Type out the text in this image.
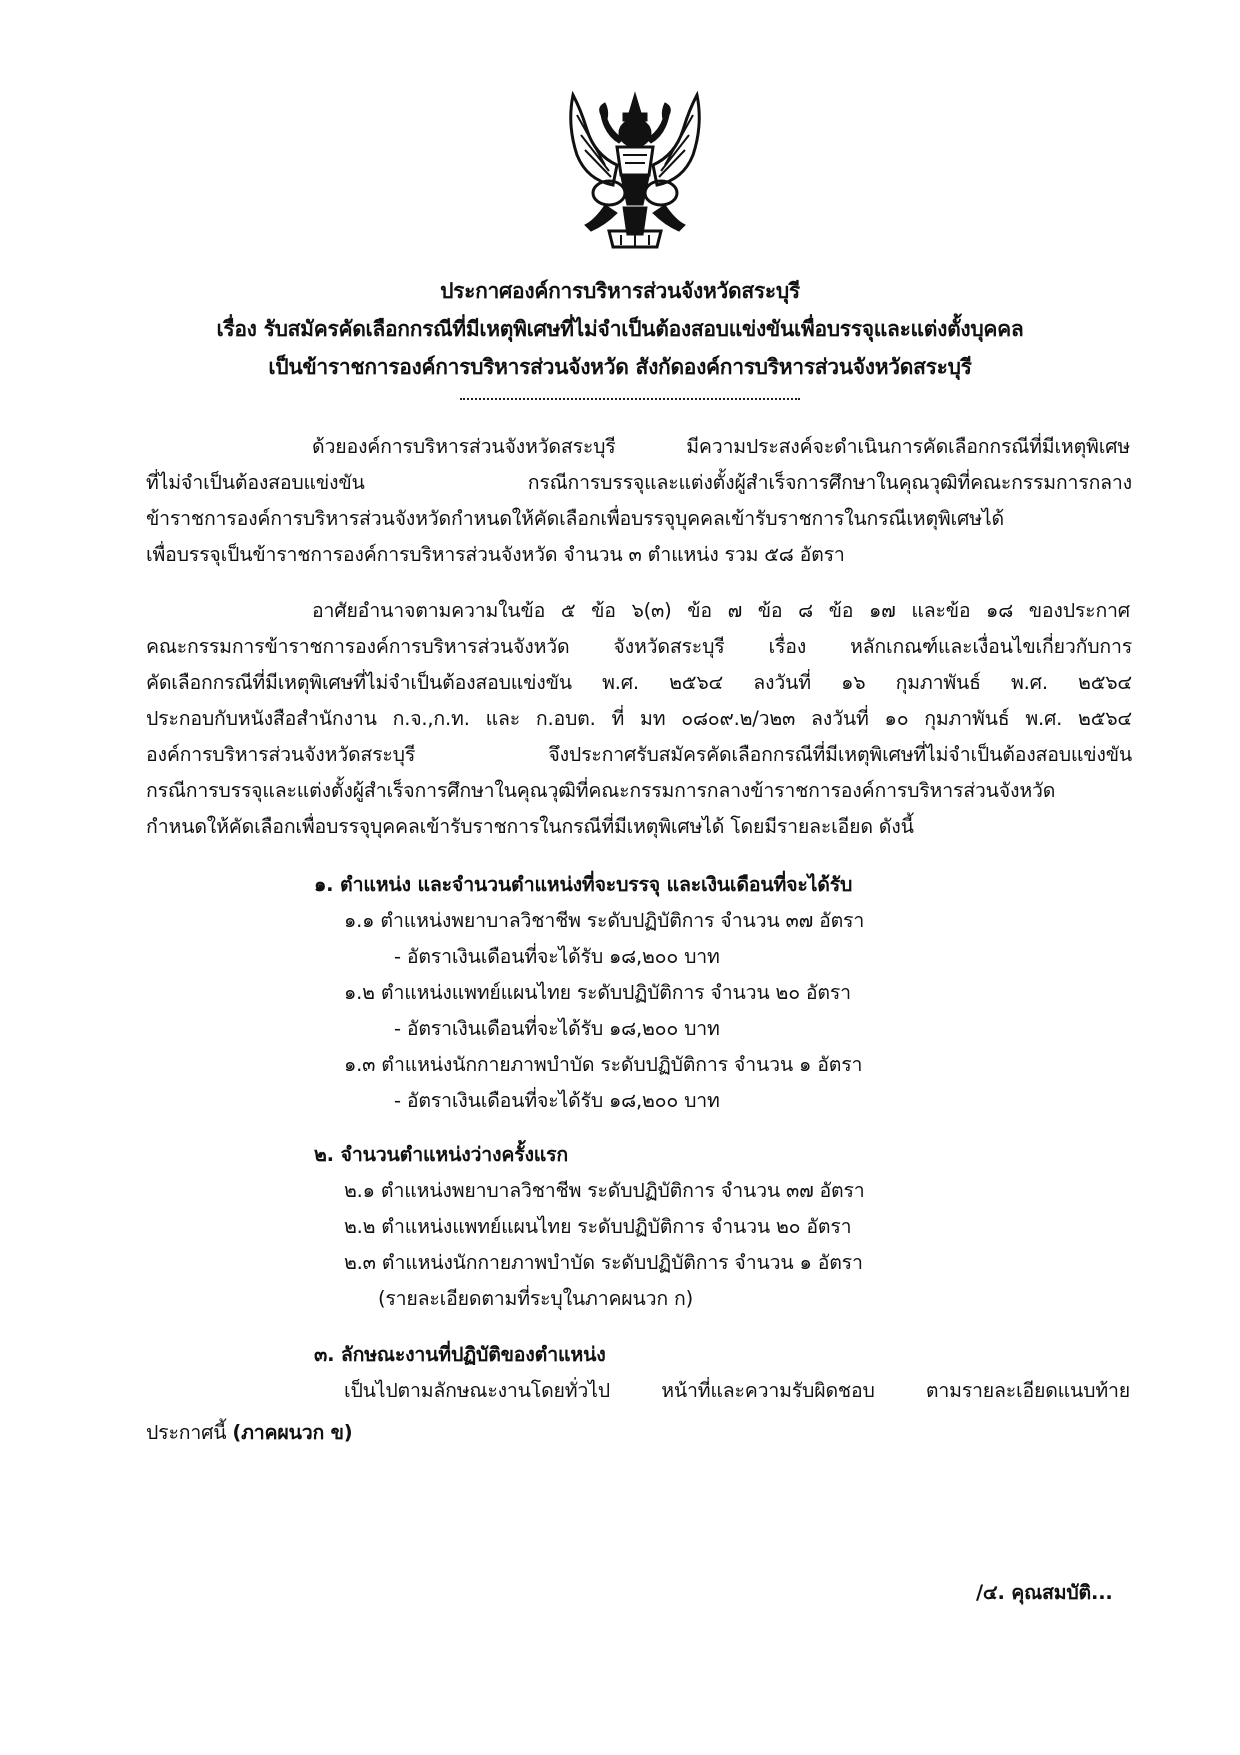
ประกาศองค์การบริหารส่วนจังหวัดสระบุรี
เรื่อง รับสมัครคัดเลือกกรณีที่มีเหตุพิเศษที่ไม่จำเป็นต้องสอบแข่งขันเพื่อบรรจุและแต่งตั้งบุคคล
เป็นข้าราชการองค์การบริหารส่วนจังหวัด สังกัดองค์การบริหารส่วนจังหวัดสระบุรี
ด้วยองค์การบริหารส่วนจังหวัดสระบุรี มีความประสงค์จะดำเนินการคัดเลือกกรณีที่มีเหตุพิเศษ
ที่ไม่จำเป็นต้องสอบแข่งขัน กรณีการบรรจุและแต่งตั้งผู้สำเร็จการศึกษาในคุณวุฒิที่คณะกรรมการกลาง
ข้าราชการองค์การบริหารส่วนจังหวัดกำหนดให้คัดเลือกเพื่อบรรจุบุคคลเข้ารับราชการในกรณีเหตุพิเศษได้
เพื่อบรรจุเป็นข้าราชการองค์การบริหารส่วนจังหวัด จำนวน ๓ ตำแหน่ง รวม ๕๘ อัตรา
อาศัยอำนาจตามความในข้อ ๕ ข้อ ๖(๓) ข้อ ๗ ข้อ ๘ ข้อ ๑๗ และข้อ ๑๘ ของประกาศ
คณะกรรมการข้าราชการองค์การบริหารส่วนจังหวัด จังหวัดสระบุรี เรื่อง หลักเกณฑ์และเงื่อนไขเกี่ยวกับการ
คัดเลือกกรณีที่มีเหตุพิเศษที่ไม่จำเป็นต้องสอบแข่งขัน พ.ศ. ๒๕๖๔ ลงวันที่ ๑๖ กุมภาพันธ์ พ.ศ. ๒๕๖๔
ประกอบกับหนังสือสำนักงาน ก.จ.,ก.ท. และ ก.อบต. ที่ มท ๐๘๐๙.๒/ว๒๓ ลงวันที่ ๑๐ กุมภาพันธ์ พ.ศ. ๒๕๖๔
องค์การบริหารส่วนจังหวัดสระบุรี จึงประกาศรับสมัครคัดเลือกกรณีที่มีเหตุพิเศษที่ไม่จำเป็นต้องสอบแข่งขัน
กรณีการบรรจุและแต่งตั้งผู้สำเร็จการศึกษาในคุณวุฒิที่คณะกรรมการกลางข้าราชการองค์การบริหารส่วนจังหวัด
กำหนดให้คัดเลือกเพื่อบรรจุบุคคลเข้ารับราชการในกรณีที่มีเหตุพิเศษได้ โดยมีรายละเอียด ดังนี้
๑. ตำแหน่ง และจำนวนตำแหน่งที่จะบรรจุ และเงินเดือนที่จะได้รับ
๑.๑ ตำแหน่งพยาบาลวิชาชีพ ระดับปฏิบัติการ จำนวน ๓๗ อัตรา
- อัตราเงินเดือนที่จะได้รับ ๑๘,๒๐๐ บาท
๑.๒ ตำแหน่งแพทย์แผนไทย ระดับปฏิบัติการ จำนวน ๒๐ อัตรา
- อัตราเงินเดือนที่จะได้รับ ๑๘,๒๐๐ บาท
๑.๓ ตำแหน่งนักกายภาพบำบัด ระดับปฏิบัติการ จำนวน ๑ อัตรา
- อัตราเงินเดือนที่จะได้รับ ๑๘,๒๐๐ บาท
๒. จำนวนตำแหน่งว่างครั้งแรก
๒.๑ ตำแหน่งพยาบาลวิชาชีพ ระดับปฏิบัติการ จำนวน ๓๗ อัตรา
๒.๒ ตำแหน่งแพทย์แผนไทย ระดับปฏิบัติการ จำนวน ๒๐ อัตรา
๒.๓ ตำแหน่งนักกายภาพบำบัด ระดับปฏิบัติการ จำนวน ๑ อัตรา
(รายละเอียดตามที่ระบุในภาคผนวก ก)
๓. ลักษณะงานที่ปฏิบัติของตำแหน่ง
เป็นไปตามลักษณะงานโดยทั่วไป หน้าที่และความรับผิดชอบ ตามรายละเอียดแนบท้าย
ประกาศนี้ (ภาคผนวก ข)
/๔. คุณสมบัติ...
